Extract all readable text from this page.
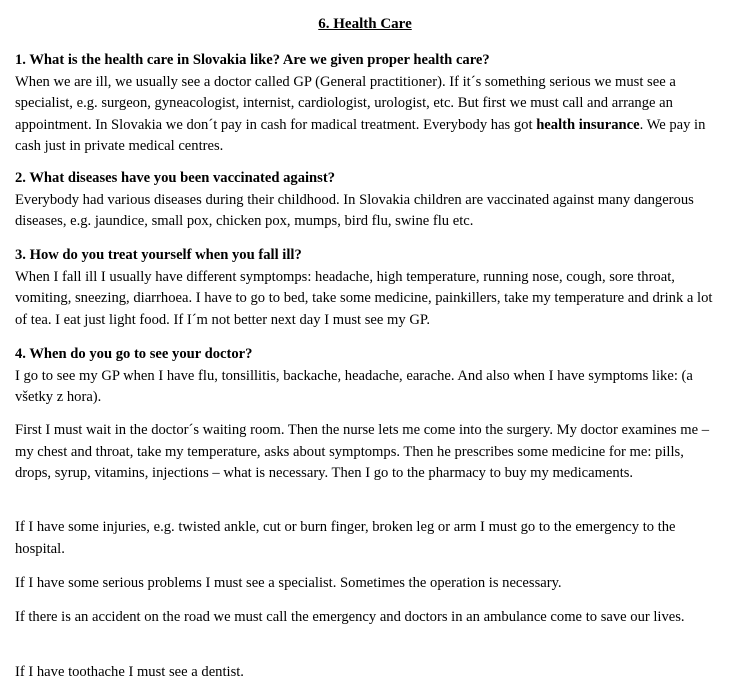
6. Health Care

1. What is the health care in Slovakia like? Are we given proper health care?

When we are ill, we usually see a doctor called GP (General practitioner). If it´s something serious we must see a specialist, e.g. surgeon, gyneacologist, internist, cardiologist, urologist, etc. But first we must call and arrange an appointment. In Slovakia we don´t pay in cash for madical treatment. Everybody has got health insurance. We pay in cash just in private medical centres.

2. What diseases have you been vaccinated against?

Everybody had various diseases during their childhood. In Slovakia children are vaccinated against many dangerous diseases, e.g. jaundice, small pox, chicken pox, mumps, bird flu, swine flu etc.

3. How do you treat yourself when you fall ill?

When I fall ill I usually have different symptomps: headache, high temperature, running nose, cough, sore throat, vomiting, sneezing, diarrhoea. I have to go to bed, take some medicine, painkillers, take my temperature and drink a lot of tea. I eat just light food. If I´m not better next day I must see my GP.

4. When do you go to see your doctor?

I go to see my GP when I have flu, tonsillitis, backache, headache, earache. And also when I have symptoms like: (a všetky z hora).

First I must wait in the doctor´s waiting room. Then the nurse lets me come into the surgery. My doctor examines me – my chest and throat, take my temperature, asks about symptomps. Then he prescribes some medicine for me: pills, drops, syrup, vitamins, injections – what is necessary. Then I go to the pharmacy to buy my medicaments.

If I have some injuries, e.g. twisted ankle, cut or burn finger, broken leg or arm I must go to the emergency to the hospital.

If I have some serious problems I must see a specialist. Sometimes the operation is necessary.

If there is an accident on the road we must call the emergency and doctors in an ambulance come to save our lives.

If I have toothache I must see a dentist.
